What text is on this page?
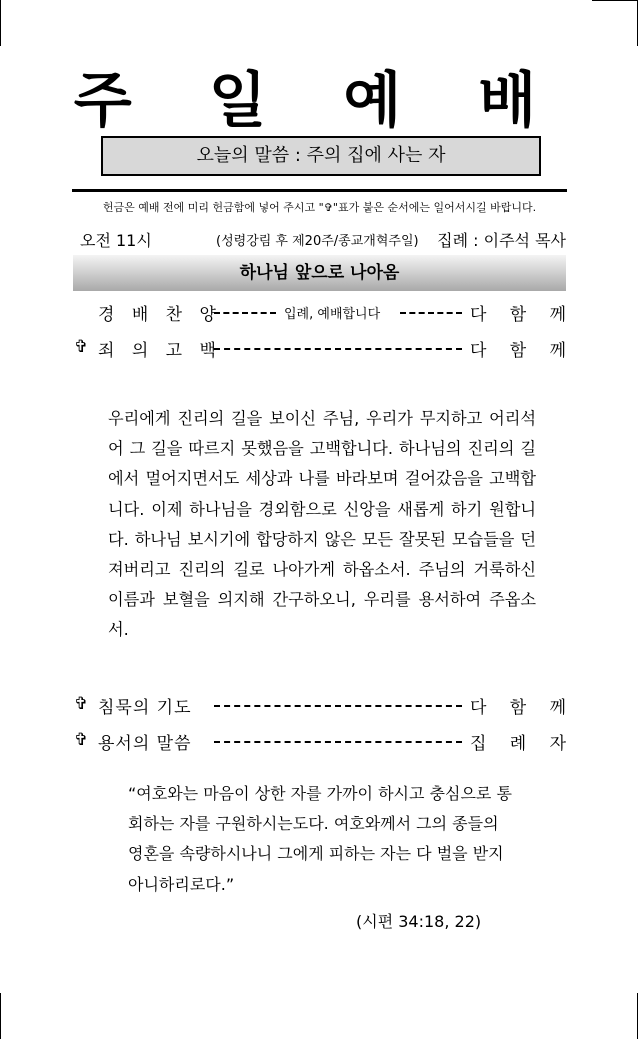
주 일 예 배
오늘의 말씀 : 주의 집에 사는 자
헌금은 예배 전에 미리 헌금함에 넣어 주시고 "✞"표가 붙은 순서에는 일어서시길 바랍니다.
오전 11시	(성령강림 후 제20주/종교개혁주일) 집례 : 이주석 목사
하나님 앞으로 나아옴
경 배 찬 양	입례, 예배합니다	다 함 께
✞ 죄 의 고 백	다 함 께

우리에게 진리의 길을 보이신 주님, 우리가 무지하고 어리석어 그 길을 따르지 못했음을 고백합니다. 하나님의 진리의 길에서 멀어지면서도 세상과 나를 바라보며 걸어갔음을 고백합니다. 이제 하나님을 경외함으로 신앙을 새롭게 하기 원합니다. 하나님 보시기에 합당하지 않은 모든 잘못된 모습들을 던져버리고 진리의 길로 나아가게 하옵소서. 주님의 거룩하신 이름과 보혈을 의지해 간구하오니, 우리를 용서하여 주옵소서.

✞ 침묵의 기도	다 함 께
✞ 용서의 말씀	집 례 자

“여호와는 마음이 상한 자를 가까이 하시고 충심으로 통회하는 자를 구원하시는도다. 여호와께서 그의 종들의 영혼을 속량하시나니 그에게 피하는 자는 다 벌을 받지 아니하리로다.”

(시편 34:18, 22)
